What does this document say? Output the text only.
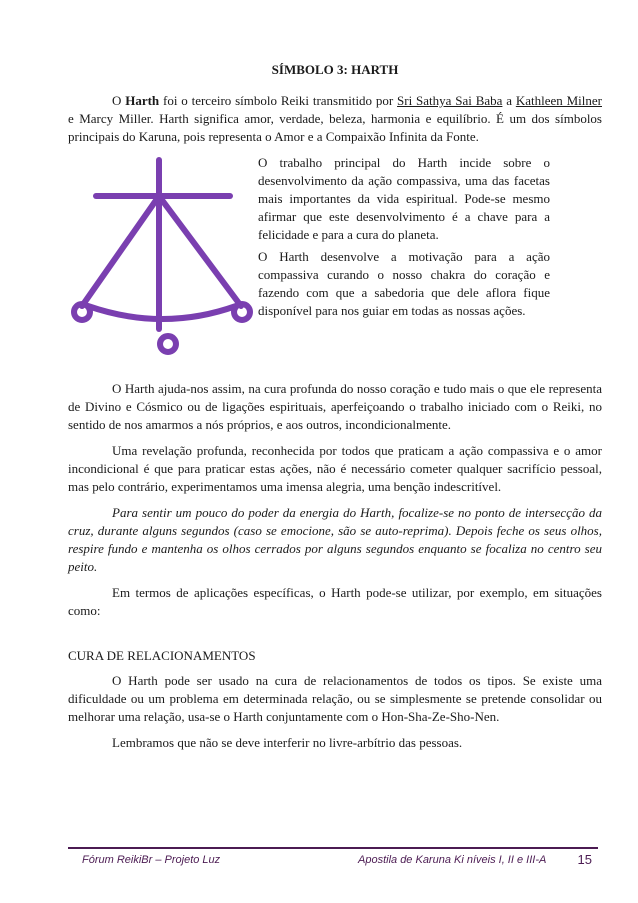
SÍMBOLO 3: HARTH

O Harth foi o terceiro símbolo Reiki transmitido por Sri Sathya Sai Baba a Kathleen Milner e Marcy Miller. Harth significa amor, verdade, beleza, harmonia e equilíbrio. É um dos símbolos principais do Karuna, pois representa o Amor e a Compaixão Infinita da Fonte.

O trabalho principal do Harth incide sobre o desenvolvimento da ação compassiva, uma das facetas mais importantes da vida espiritual. Pode-se mesmo afirmar que este desenvolvimento é a chave para a felicidade e para a cura do planeta.

O Harth desenvolve a motivação para a ação compassiva curando o nosso chakra do coração e fazendo com que a sabedoria que dele aflora fique disponível para nos guiar em todas as nossas ações.

O Harth ajuda-nos assim, na cura profunda do nosso coração e tudo mais o que ele representa de Divino e Cósmico ou de ligações espirituais, aperfeiçoando o trabalho iniciado com o Reiki, no sentido de nos amarmos a nós próprios, e aos outros, incondicionalmente.

Uma revelação profunda, reconhecida por todos que praticam a ação compassiva e o amor incondicional é que para praticar estas ações, não é necessário cometer qualquer sacrifício pessoal, mas pelo contrário, experimentamos uma imensa alegria, uma benção indescritível.

Para sentir um pouco do poder da energia do Harth, focalize-se no ponto de intersecção da cruz, durante alguns segundos (caso se emocione, são se auto-reprima). Depois feche os seus olhos, respire fundo e mantenha os olhos cerrados por alguns segundos enquanto se focaliza no centro seu peito.

Em termos de aplicações específicas, o Harth pode-se utilizar, por exemplo, em situações como:

CURA DE RELACIONAMENTOS

O Harth pode ser usado na cura de relacionamentos de todos os tipos. Se existe uma dificuldade ou um problema em determinada relação, ou se simplesmente se pretende consolidar ou melhorar uma relação, usa-se o Harth conjuntamente com o Hon-Sha-Ze-Sho-Nen.

Lembramos que não se deve interferir no livre-arbítrio das pessoas.

Fórum ReikiBr – Projeto Luz	Apostila de Karuna Ki níveis I, II e III-A 15
